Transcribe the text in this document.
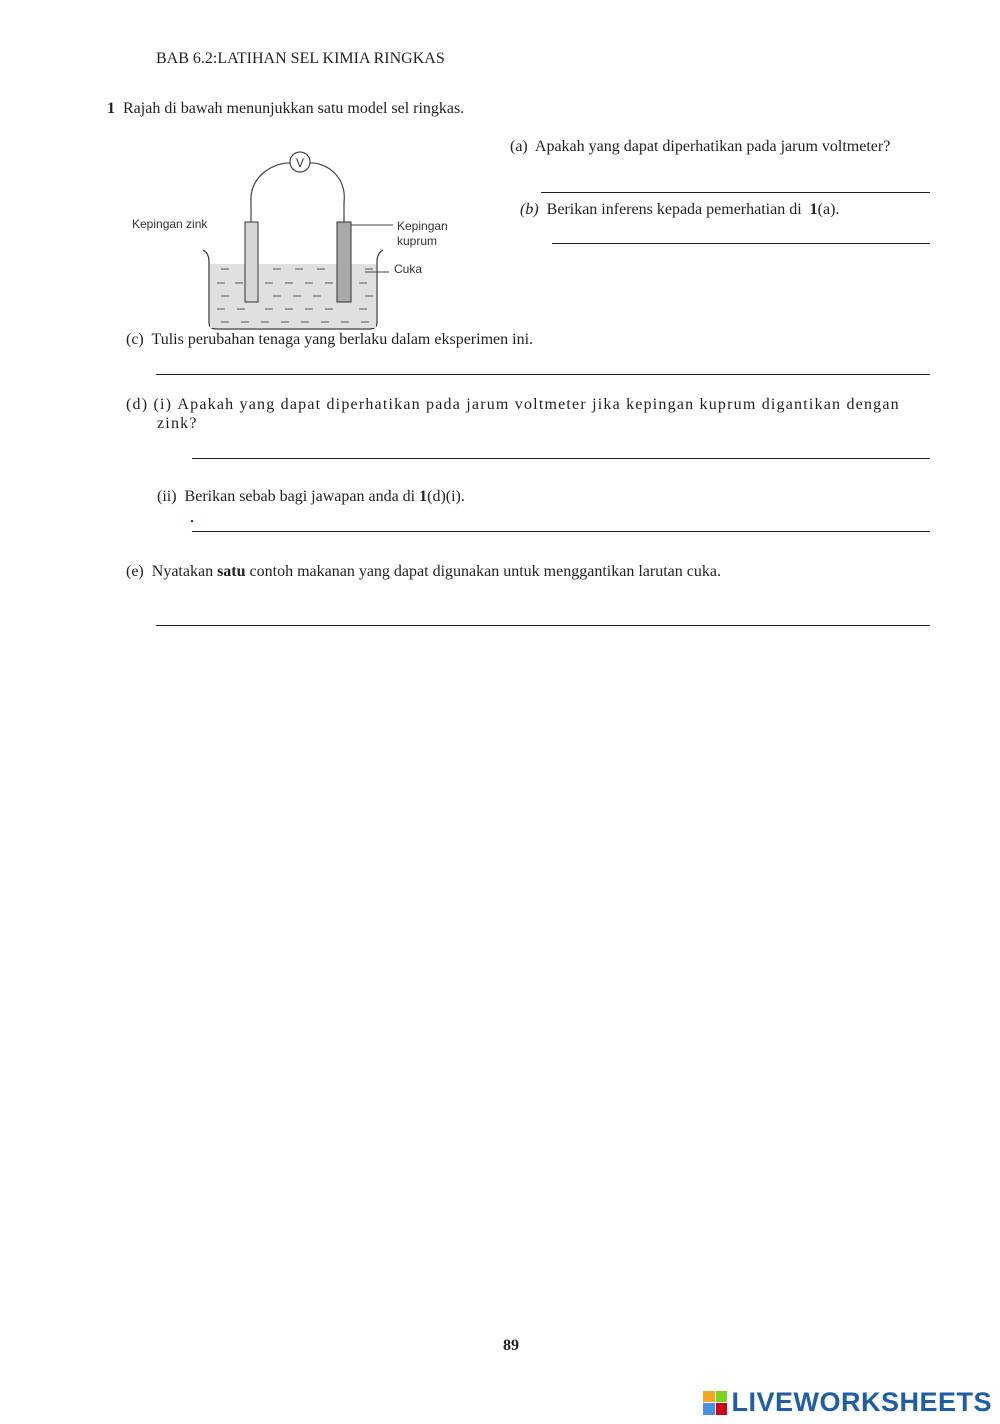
BAB 6.2:LATIHAN SEL KIMIA RINGKAS
1 Rajah di bawah menunjukkan satu model sel ringkas.
V
Kepingan zink	Kepingan
kuprum
Cuka
(a) Apakah yang dapat diperhatikan pada jarum voltmeter?
(b) Berikan inferens kepada pemerhatian di 1(a).
(c) Tulis perubahan tenaga yang berlaku dalam eksperimen ini.
(d) (i) Apakah yang dapat diperhatikan pada jarum voltmeter jika kepingan kuprum digantikan dengan
zink?
(ii) Berikan sebab bagi jawapan anda di 1(d)(i).
(e) Nyatakan satu contoh makanan yang dapat digunakan untuk menggantikan larutan cuka.
89
LIVEWORKSHEETS
